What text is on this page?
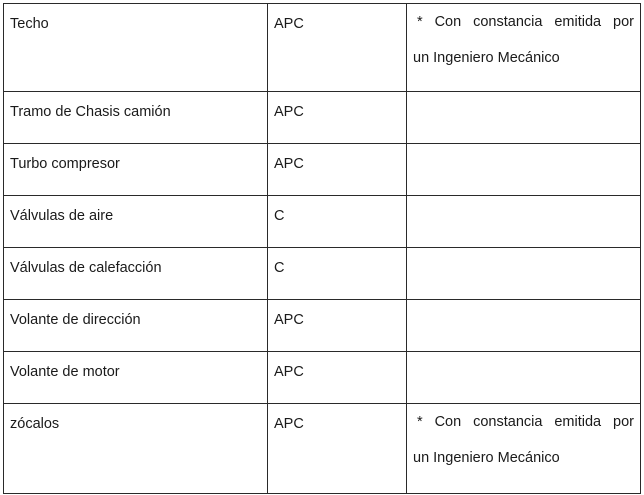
Techo	APC	* Con constancia emitida por
un Ingeniero Mecánico

Tramo de Chasis camión	APC	
Turbo compresor	APC	
Válvulas de aire	C	
Válvulas de calefacción	C	
Volante de dirección	APC	
Volante de motor	APC	
zócalos	APC	* Con constancia emitida por
un Ingeniero Mecánico
